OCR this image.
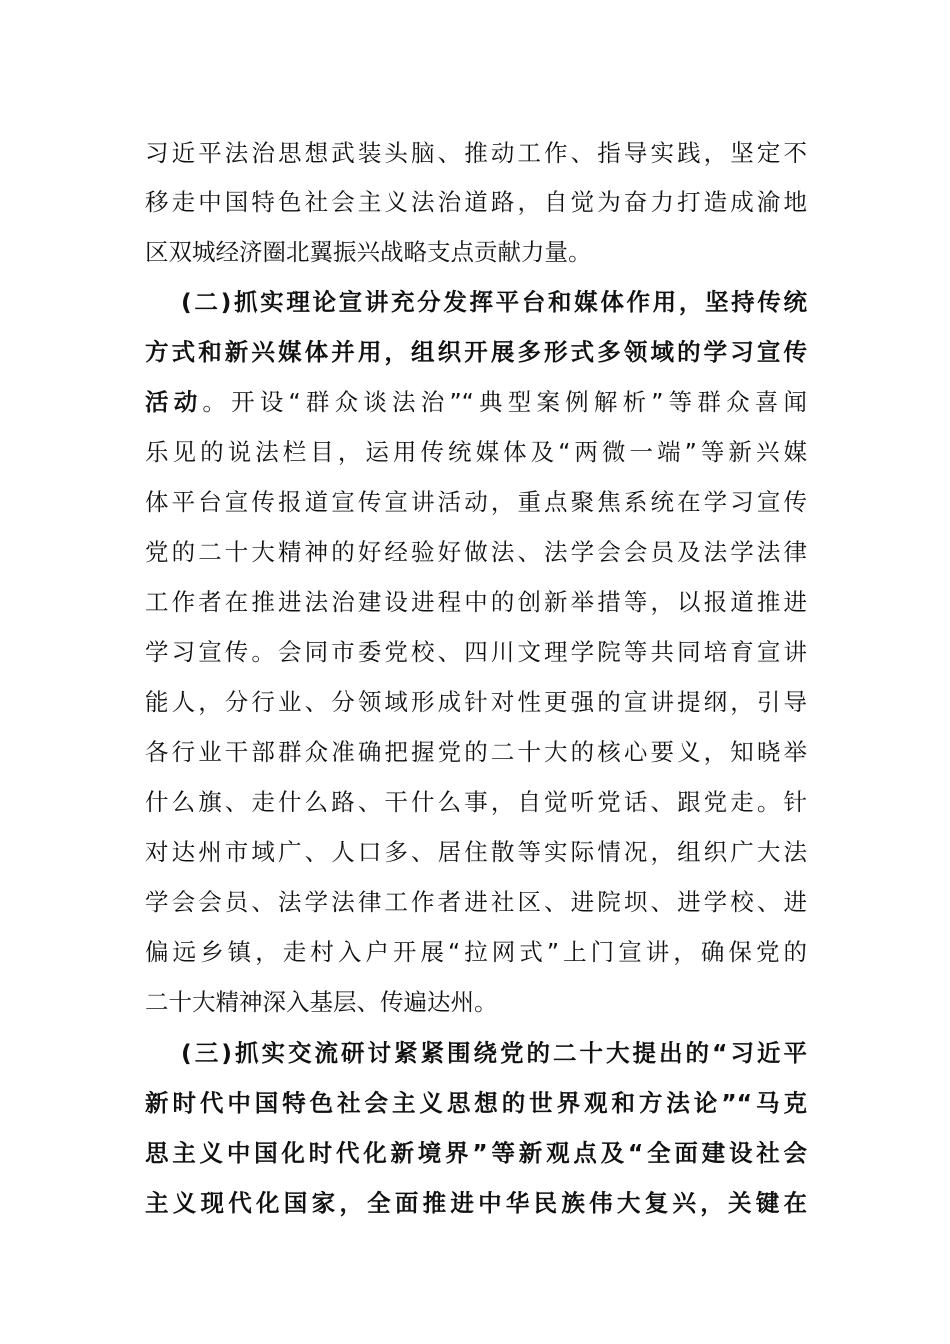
习近平法治思想武装头脑、推动工作、指导实践，坚定不
移走中国特色社会主义法治道路，自觉为奋力打造成渝地
区双城经济圈北翼振兴战略支点贡献力量。
(二)抓实理论宣讲充分发挥平台和媒体作用，坚持传统
方式和新兴媒体并用，组织开展多形式多领域的学习宣传
活动。开设“群众谈法治”“典型案例解析”等群众喜闻
乐见的说法栏目，运用传统媒体及“两微一端”等新兴媒
体平台宣传报道宣传宣讲活动，重点聚焦系统在学习宣传
党的二十大精神的好经验好做法、法学会会员及法学法律
工作者在推进法治建设进程中的创新举措等，以报道推进
学习宣传。会同市委党校、四川文理学院等共同培育宣讲
能人，分行业、分领域形成针对性更强的宣讲提纲，引导
各行业干部群众准确把握党的二十大的核心要义，知晓举
什么旗、走什么路、干什么事，自觉听党话、跟党走。针
对达州市域广、人口多、居住散等实际情况，组织广大法
学会会员、法学法律工作者进社区、进院坝、进学校、进
偏远乡镇，走村入户开展“拉网式”上门宣讲，确保党的
二十大精神深入基层、传遍达州。
(三)抓实交流研讨紧紧围绕党的二十大提出的“习近平
新时代中国特色社会主义思想的世界观和方法论”“马克
思主义中国化时代化新境界”等新观点及“全面建设社会
主义现代化国家，全面推进中华民族伟大复兴，关键在
